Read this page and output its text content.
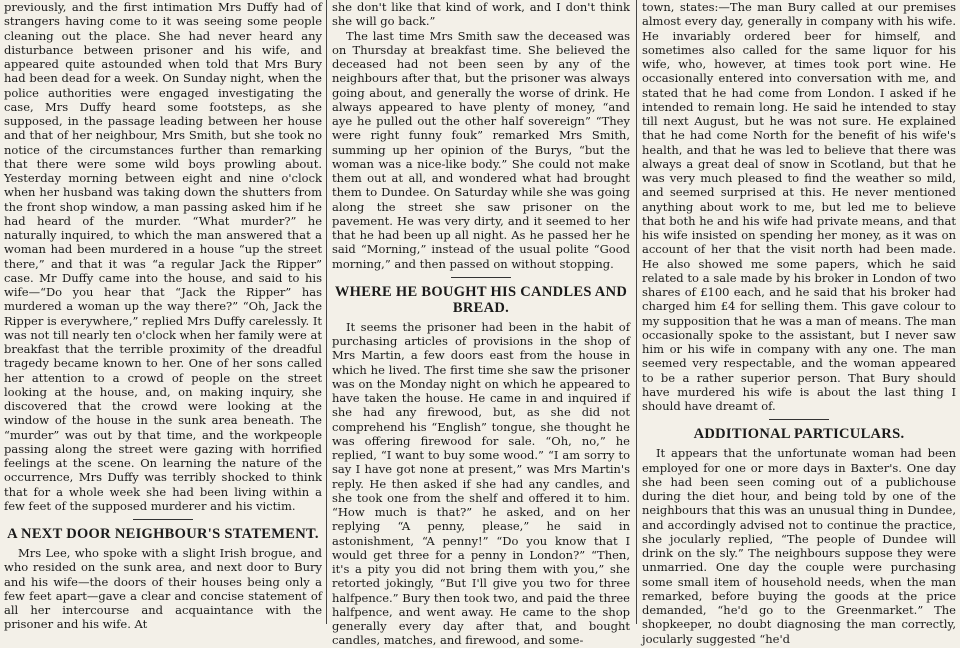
previously, and the first intimation Mrs Duffy had of strangers having come to it was seeing some people cleaning out the place. She had never heard any disturbance between prisoner and his wife, and appeared quite astounded when told that Mrs Bury had been dead for a week. On Sunday night, when the police authorities were engaged investigating the case, Mrs Duffy heard some footsteps, as she supposed, in the passage leading between her house and that of her neighbour, Mrs Smith, but she took no notice of the circumstances further than remarking that there were some wild boys prowling about. Yesterday morning between eight and nine o'clock when her husband was taking down the shutters from the front shop window, a man passing asked him if he had heard of the murder. “What murder?” he naturally inquired, to which the man answered that a woman had been murdered in a house “up the street there,” and that it was “a regular Jack the Ripper” case. Mr Duffy came into the house, and said to his wife—“Do you hear that “Jack the Ripper” has murdered a woman up the way there?” “Oh, Jack the Ripper is everywhere,” replied Mrs Duffy carelessly. It was not till nearly ten o'clock when her family were at breakfast that the terrible proximity of the dreadful tragedy became known to her. One of her sons called her attention to a crowd of people on the street looking at the house, and, on making inquiry, she discovered that the crowd were looking at the window of the house in the sunk area beneath. The “murder” was out by that time, and the workpeople passing along the street were gazing with horrified feelings at the scene. On learning the nature of the occurrence, Mrs Duffy was terribly shocked to think that for a whole week she had been living within a few feet of the supposed murderer and his victim.

A NEXT DOOR NEIGHBOUR'S STATEMENT.

Mrs Lee, who spoke with a slight Irish brogue, and who resided on the sunk area, and next door to Bury and his wife—the doors of their houses being only a few feet apart—gave a clear and concise statement of all her intercourse and acquaintance with the prisoner and his wife. At

she don't like that kind of work, and I don't think she will go back.”

The last time Mrs Smith saw the deceased was on Thursday at breakfast time. She believed the deceased had not been seen by any of the neighbours after that, but the prisoner was always going about, and generally the worse of drink. He always appeared to have plenty of money, “and aye he pulled out the other half sovereign” “They were right funny fouk” remarked Mrs Smith, summing up her opinion of the Burys, “but the woman was a nice-like body.” She could not make them out at all, and wondered what had brought them to Dundee. On Saturday while she was going along the street she saw prisoner on the pavement. He was very dirty, and it seemed to her that he had been up all night. As he passed her he said “Morning,” instead of the usual polite “Good morning,” and then passed on without stopping.

WHERE HE BOUGHT HIS CANDLES AND BREAD.

It seems the prisoner had been in the habit of purchasing articles of provisions in the shop of Mrs Martin, a few doors east from the house in which he lived. The first time she saw the prisoner was on the Monday night on which he appeared to have taken the house. He came in and inquired if she had any firewood, but, as she did not comprehend his “English” tongue, she thought he was offering firewood for sale. “Oh, no,” he replied, “I want to buy some wood.” “I am sorry to say I have got none at present,” was Mrs Martin's reply. He then asked if she had any candles, and she took one from the shelf and offered it to him. “How much is that?” he asked, and on her replying “A penny, please,” he said in astonishment, “A penny!” “Do you know that I would get three for a penny in London?” “Then, it's a pity you did not bring them with you,” she retorted jokingly, “But I'll give you two for three halfpence.” Bury then took two, and paid the three halfpence, and went away. He came to the shop generally every day after that, and bought candles, matches, and firewood, and some-

town, states:—The man Bury called at our premises almost every day, generally in company with his wife. He invariably ordered beer for himself, and sometimes also called for the same liquor for his wife, who, however, at times took port wine. He occasionally entered into conversation with me, and stated that he had come from London. I asked if he intended to remain long. He said he intended to stay till next August, but he was not sure. He explained that he had come North for the benefit of his wife's health, and that he was led to believe that there was always a great deal of snow in Scotland, but that he was very much pleased to find the weather so mild, and seemed surprised at this. He never mentioned anything about work to me, but led me to believe that both he and his wife had private means, and that his wife insisted on spending her money, as it was on account of her that the visit north had been made. He also showed me some papers, which he said related to a sale made by his broker in London of two shares of £100 each, and he said that his broker had charged him £4 for selling them. This gave colour to my supposition that he was a man of means. The man occasionally spoke to the assistant, but I never saw him or his wife in company with any one. The man seemed very respectable, and the woman appeared to be a rather superior person. That Bury should have murdered his wife is about the last thing I should have dreamt of.

ADDITIONAL PARTICULARS.

It appears that the unfortunate woman had been employed for one or more days in Baxter's. One day she had been seen coming out of a publichouse during the diet hour, and being told by one of the neighbours that this was an unusual thing in Dundee, and accordingly advised not to continue the practice, she jocularly replied, “The people of Dundee will drink on the sly.” The neighbours suppose they were unmarried. One day the couple were purchasing some small item of household needs, when the man remarked, before buying the goods at the price demanded, “he'd go to the Greenmarket.” The shopkeeper, no doubt diagnosing the man correctly, jocularly suggested “he'd
